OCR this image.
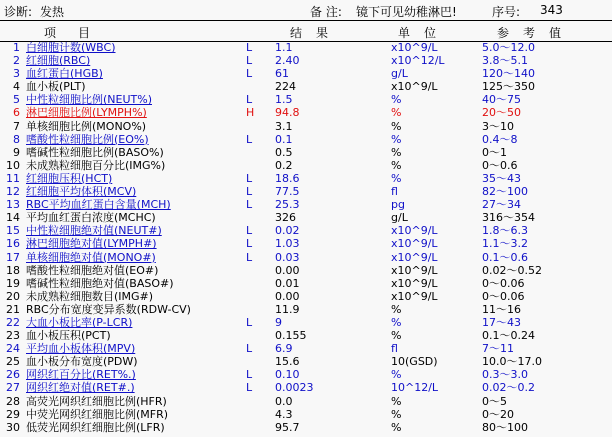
诊断: 发热	备 注: 镜下可见幼稚淋巴!	序号: 343
项目	结果	单位	参考值
1 白细胞计数(WBC)	L 1.1	x10^9/L	5.0～12.0
2 红细胞(RBC)	L 2.40	x10^12/L	3.8～5.1
3 血红蛋白(HGB)	L 61	g/L	120～140
4 血小板(PLT)	224	x10^9/L	125～350
5 中性粒细胞比例(NEUT%)	L 1.5	%	40～75
6 淋巴细胞比例(LYMPH%)	H 94.8	%	20～50
7 单核细胞比例(MONO%)	3.1	%	3～10
8 嗜酸性粒细胞比例(EO%)	L 0.1	%	0.4～8
9 嗜碱性粒细胞比例(BASO%)	0.5	%	0～1
10 未成熟粒细胞百分比(IMG%)	0.2	%	0～0.6
11 红细胞压积(HCT)	L 18.6	%	35～43
12 红细胞平均体积(MCV)	L 77.5	fl	82～100
13 RBC平均血红蛋白含量(MCH)	L 25.3	pg	27～34
14 平均血红蛋白浓度(MCHC)	326	g/L	316～354
15 中性粒细胞绝对值(NEUT#)	L 0.02	x10^9/L	1.8～6.3
16 淋巴细胞绝对值(LYMPH#)	L 1.03	x10^9/L	1.1～3.2
17 单核细胞绝对值(MONO#)	L 0.03	x10^9/L	0.1～0.6
18 嗜酸性粒细胞绝对值(EO#)	0.00	x10^9/L	0.02～0.52
19 嗜碱性粒细胞绝对值(BASO#)	0.01	x10^9/L	0～0.06
20 未成熟粒细胞数目(IMG#)	0.00	x10^9/L	0～0.06
21 RBC分布宽度变异系数(RDW-CV)	11.9	%	11～16
22 大血小板比率(P-LCR)	L 9	%	17～43
23 血小板压积(PCT)	0.155	%	0.1～0.24
24 平均血小板体积(MPV)	L 6.9	fl	7～11
25 血小板分布宽度(PDW)	15.6	10(GSD)	10.0～17.0
26 网织红百分比(RET%.)	L 0.10	%	0.3～3.0
27 网织红绝对值(RET#.)	L 0.0023	10^12/L	0.02～0.2
28 高荧光网织红细胞比例(HFR)	0.0	%	0～5
29 中荧光网织红细胞比例(MFR)	4.3	%	0～20
30 低荧光网织红细胞比例(LFR)	95.7	%	80～100
